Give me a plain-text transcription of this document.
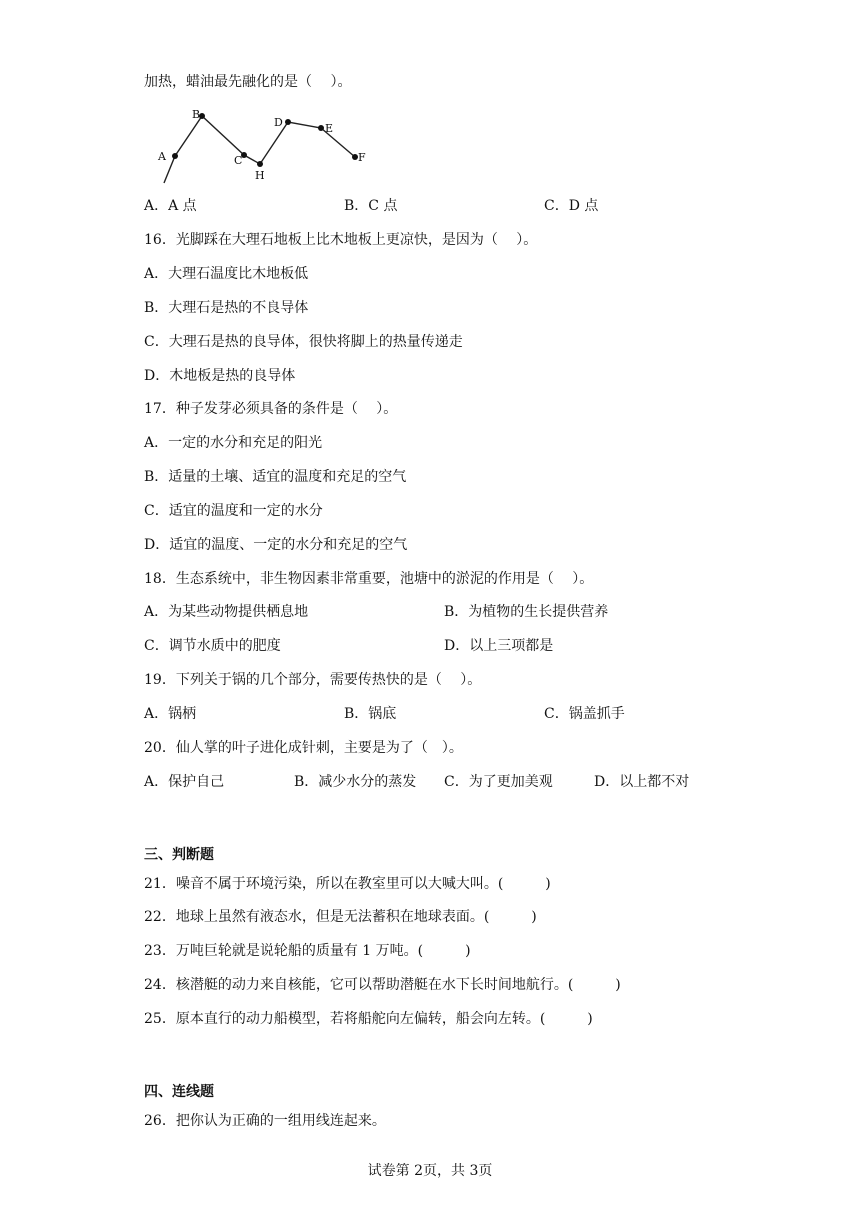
加热，蜡油最先融化的是（　 ）。
A
B
C
H
D	E
F
A．A 点	B．C 点	C．D 点
16．光脚踩在大理石地板上比木地板上更凉快，是因为（　 ）。
A．大理石温度比木地板低
B．大理石是热的不良导体
C．大理石是热的良导体，很快将脚上的热量传递走
D．木地板是热的良导体
17．种子发芽必须具备的条件是（　 ）。
A．一定的水分和充足的阳光
B．适量的土壤、适宜的温度和充足的空气
C．适宜的温度和一定的水分
D．适宜的温度、一定的水分和充足的空气
18．生态系统中，非生物因素非常重要，池塘中的淤泥的作用是（　 ）。
A．为某些动物提供栖息地	B．为植物的生长提供营养
C．调节水质中的肥度	D．以上三项都是
19．下列关于锅的几个部分，需要传热快的是（　 ）。
A．锅柄	B．锅底	C．锅盖抓手
20．仙人掌的叶子进化成针刺，主要是为了（　）。
A．保护自己	B．减少水分的蒸发 C．为了更加美观	D．以上都不对
三、判断题
21．噪音不属于环境污染，所以在教室里可以大喊大叫。(　　　)
22．地球上虽然有液态水，但是无法蓄积在地球表面。(　　　)
23．万吨巨轮就是说轮船的质量有 1 万吨。(　　　)
24．核潜艇的动力来自核能，它可以帮助潜艇在水下长时间地航行。(　　　)
25．原本直行的动力船模型，若将船舵向左偏转，船会向左转。(　　　)
四、连线题
26．把你认为正确的一组用线连起来。
试卷第 2页，共 3页
